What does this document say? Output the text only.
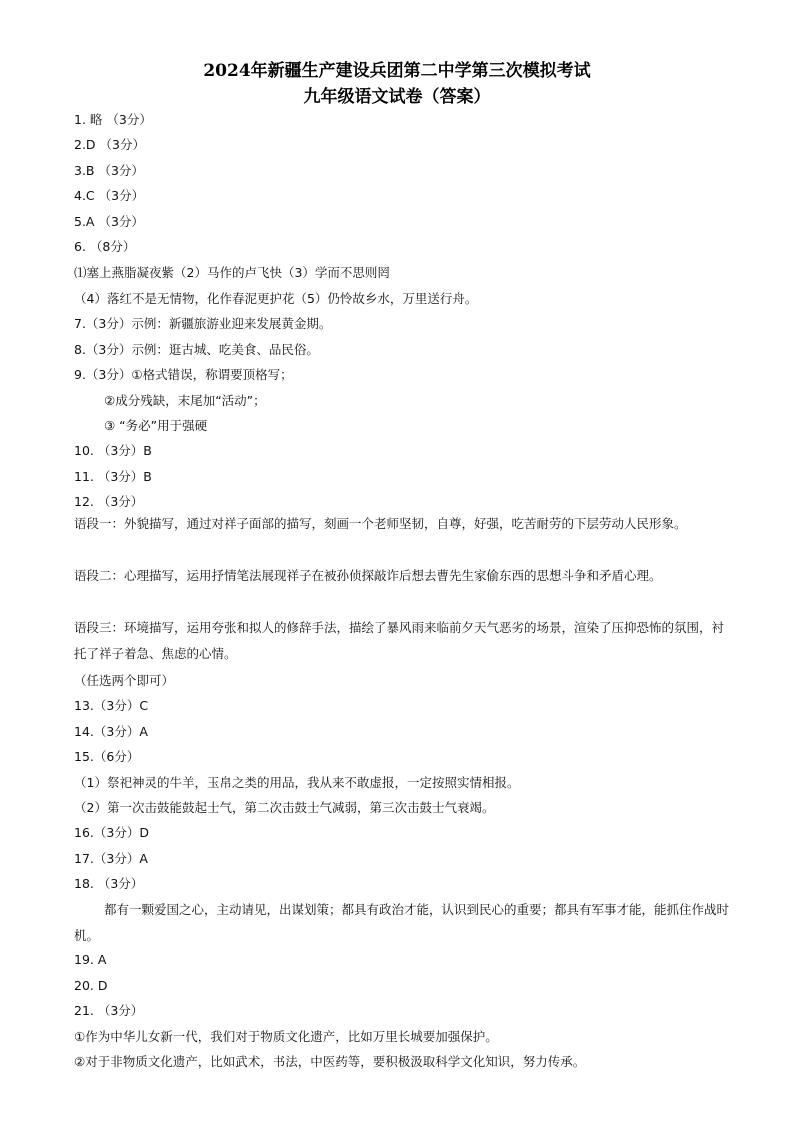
2024年新疆生产建设兵团第二中学第三次模拟考试
九年级语文试卷（答案）
1. 略 （3分）
2.D （3分）
3.B （3分）
4.C （3分）
5.A （3分）
6. （8分）
⑴塞上燕脂凝夜紫（2）马作的卢飞快（3）学而不思则罔
（4）落红不是无情物，化作春泥更护花（5）仍怜故乡水，万里送行舟。
7.（3分）示例：新疆旅游业迎来发展黄金期。
8.（3分）示例：逛古城、吃美食、品民俗。
9.（3分）①格式错误，称谓要顶格写；
②成分残缺，末尾加“活动”；
③ “务必”用于强硬
10. （3分）B
11. （3分）B
12. （3分）
语段一：外貌描写，通过对祥子面部的描写，刻画一个老师坚韧，自尊，好强，吃苦耐劳的下层劳动人民形象。
语段二：心理描写，运用抒情笔法展现祥子在被孙侦探敲诈后想去曹先生家偷东西的思想斗争和矛盾心理。
语段三：环境描写，运用夸张和拟人的修辞手法，描绘了暴风雨来临前夕天气恶劣的场景，渲染了压抑恐怖的氛围，衬托了祥子着急、焦虑的心情。
（任选两个即可）
13.（3分）C
14.（3分）A
15.（6分）
（1）祭祀神灵的牛羊，玉帛之类的用品，我从来不敢虚报，一定按照实情相报。
（2）第一次击鼓能鼓起士气，第二次击鼓士气减弱，第三次击鼓士气衰竭。
16.（3分）D
17.（3分）A
18. （3分）
都有一颗爱国之心，主动请见，出谋划策；都具有政治才能，认识到民心的重要；都具有军事才能，能抓住作战时机。
19. A
20. D
21. （3分）
①作为中华儿女新一代，我们对于物质文化遗产，比如万里长城要加强保护。
②对于非物质文化遗产，比如武术，书法，中医药等，要积极汲取科学文化知识，努力传承。
